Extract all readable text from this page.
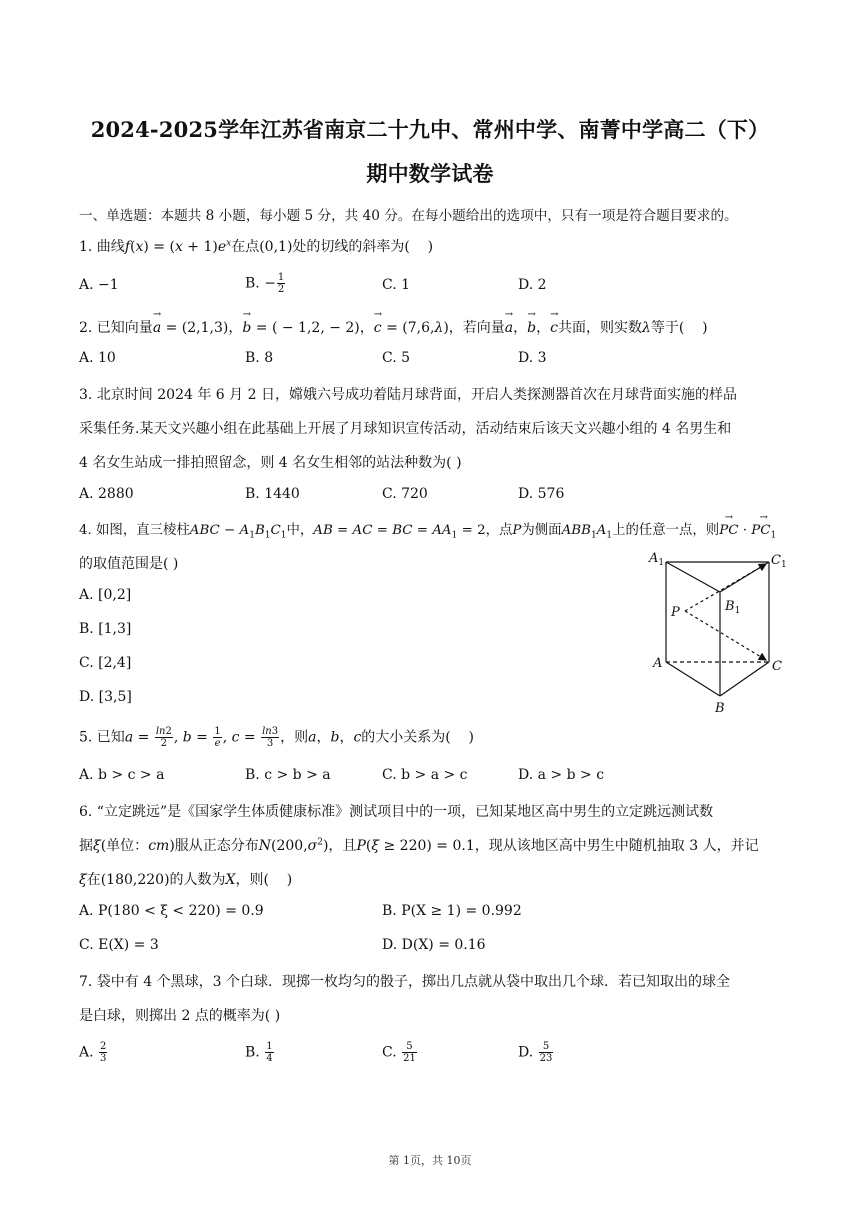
2024-2025学年江苏省南京二十九中、常州中学、南菁中学高二（下）
期中数学试卷
一、单选题：本题共 8 小题，每小题 5 分，共 40 分。在每小题给出的选项中，只有一项是符合题目要求的。
1. 曲线$f(x) = (x + 1)e^x$在点(0,1)处的切线的斜率为(    )
A. −1	B. − $\frac{1}{2}$	C. 1	D. 2
2. 已知向量→ a = (2,1,3)，→ b = ( − 1,2, − 2)，→ c = (7,6,λ)，若向量→ a，→ b，→ c共面，则实数λ等于(    )
A. 10	B. 8	C. 5	D. 3
3. 北京时间 2024 年 6 月 2 日，嫦娥六号成功着陆月球背面，开启人类探测器首次在月球背面实施的样品
采集任务.某天文兴趣小组在此基础上开展了月球知识宣传活动，活动结束后该天文兴趣小组的 4 名男生和
4 名女生站成一排拍照留念，则 4 名女生相邻的站法种数为( )
A. 2880	B. 1440	C. 720	D. 576
4. 如图，直三棱柱ABC − $A_1B_1C_1$中，AB = AC = BC = $AA_1 = 2$，点P为侧面$ABB_1A_1$上的任意一点，则→ PC · → $PC_1$
的取值范围是( )
A. [0,2]
B. [1,3]
C. [2,4]
D. [3,5]
$A_1$	$C_1$
$B_1$
P
A	C
B
5. 已知$a = \frac{\ln 2}{2}$ , $b = \frac{1}{e}$ , $c = \frac{\ln 3}{3}$ ，则a，b，c的大小关系为(    )
A. b > c > a	B. c > b > a	C. b > a > c	D. a > b > c
6. “立定跳远”是《国家学生体质健康标准》测试项目中的一项，已知某地区高中男生的立定跳远测试数
据ξ(单位：cm)服从正态分布$N(200,\sigma^2)$，且P(ξ ≥ 220) = 0.1，现从该地区高中男生中随机抽取 3 人，并记
ξ在(180,220)的人数为X，则(    )
A. P(180 < ξ < 220) = 0.9	B. P(X ≥ 1) = 0.992
C. E(X) = 3	D. D(X) = 0.16
7. 袋中有 4 个黑球，3 个白球．现掷一枚均匀的骰子，掷出几点就从袋中取出几个球．若已知取出的球全
是白球，则掷出 2 点的概率为( )
A. $\frac{2}{3}$	B. $\frac{1}{4}$	C. $\frac{5}{21}$	D. $\frac{5}{23}$
第 1页，共 10页
